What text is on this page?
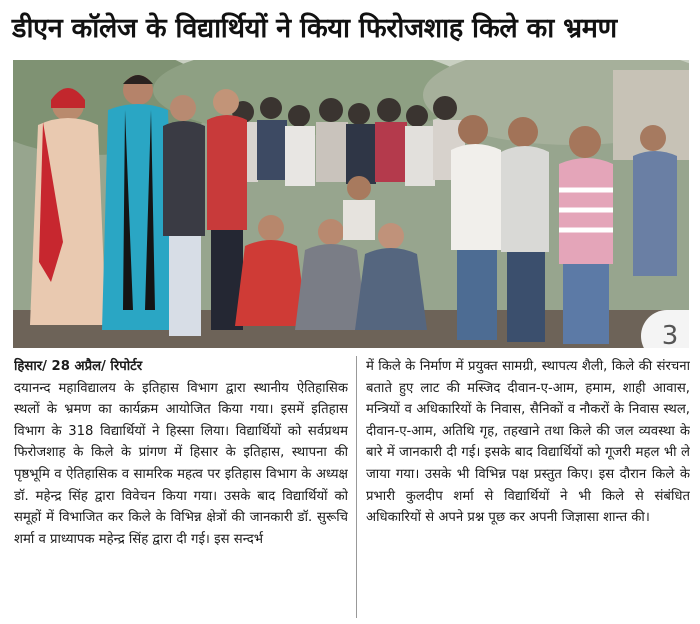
डीएन कॉलेज के विद्यार्थियों ने किया फिरोजशाह किले का भ्रमण
3
हिसार/ 28 अप्रैल/ रिपोर्टर
दयानन्द महाविद्यालय के इतिहास विभाग द्वारा स्थानीय ऐतिहासिक स्थलों के भ्रमण का कार्यक्रम आयोजित किया गया। इसमें इतिहास विभाग के 318 विद्यार्थियों ने हिस्सा लिया। विद्यार्थियों को सर्वप्रथम फिरोजशाह के किले के प्रांगण में हिसार के इतिहास, स्थापना की पृष्ठभूमि व ऐतिहासिक व सामरिक महत्व पर इतिहास विभाग के अध्यक्ष डॉ. महेन्द्र सिंह द्वारा विवेचन किया गया। उसके बाद विद्यार्थियों को समूहों में विभाजित कर किले के विभिन्न क्षेत्रों की जानकारी डॉ. सुरूचि शर्मा व प्राध्यापक महेन्द्र सिंह द्वारा दी गई। इस सन्दर्भ
में किले के निर्माण में प्रयुक्त सामग्री, स्थापत्य शैली, किले की संरचना बताते हुए लाट की मस्जिद दीवान-ए-आम, हमाम, शाही आवास, मन्त्रियों व अधिकारियों के निवास, सैनिकों व नौकरों के निवास स्थल, दीवान-ए-आम, अतिथि गृह, तहखाने तथा किले की जल व्यवस्था के बारे में जानकारी दी गई। इसके बाद विद्यार्थियों को गूजरी महल भी ले जाया गया। उसके भी विभिन्न पक्ष प्रस्तुत किए। इस दौरान किले के प्रभारी कुलदीप शर्मा से विद्यार्थियों ने भी किले से संबंधित अधिकारियों से अपने प्रश्न पूछ कर अपनी जिज्ञासा शान्त की।
